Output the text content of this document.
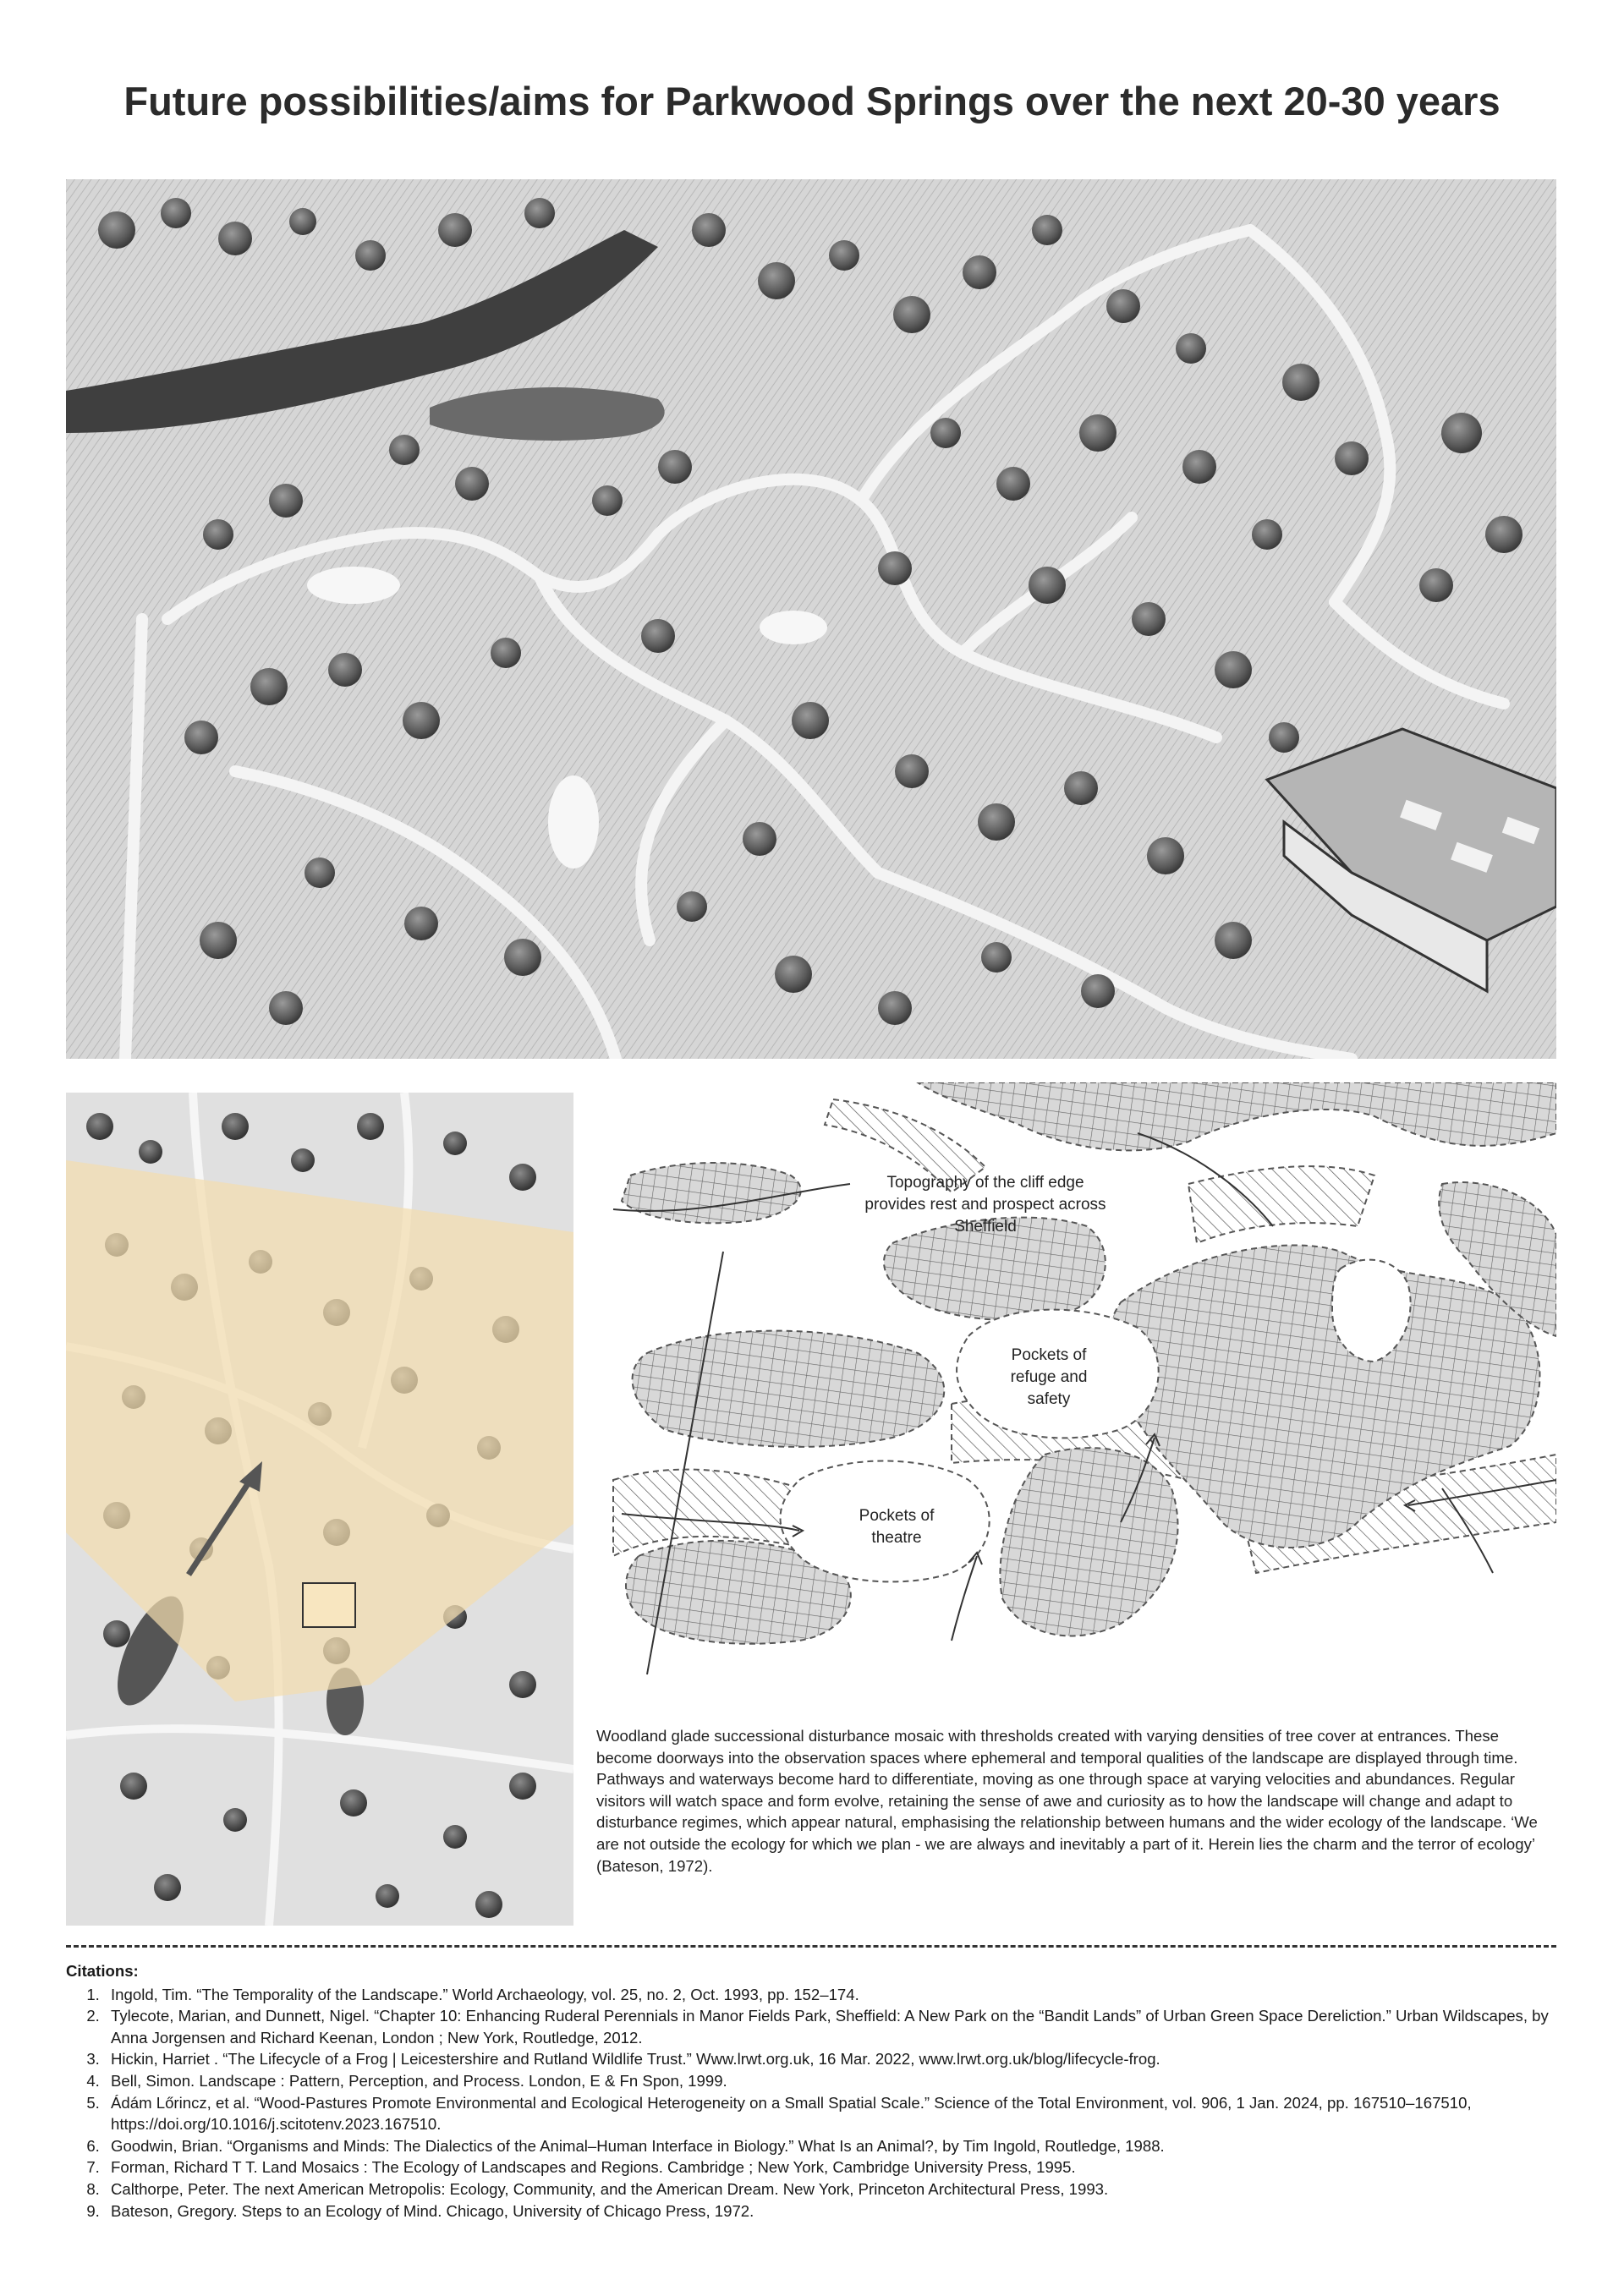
Future possibilities/aims for Parkwood Springs over the next 20-30 years
Topography of the cliff edge provides rest and prospect across Sheffield
Pockets of refuge and safety
Pockets of theatre

Woodland glade successional disturbance mosaic with thresholds created with varying densities of tree cover at entrances. These become doorways into the observation spaces where ephemeral and temporal qualities of the landscape are displayed through time.

Pathways and waterways become hard to differentiate, moving as one through space at varying velocities and abundances. Regular visitors will watch space and form evolve, retaining the sense of awe and curiosity as to how the landscape will change and adapt to disturbance regimes, which appear natural, emphasising the relationship between humans and the wider ecology of the landscape. ‘We are not outside the ecology for which we plan - we are always and inevitably a part of it. Herein lies the charm and the terror of ecology’ (Bateson, 1972).

Citations:
1. Ingold, Tim. “The Temporality of the Landscape.” World Archaeology, vol. 25, no. 2, Oct. 1993, pp. 152–174.
2. Tylecote, Marian, and Dunnett, Nigel. “Chapter 10: Enhancing Ruderal Perennials in Manor Fields Park, Sheffield: A New Park on the “Bandit Lands” of Urban Green Space Dereliction.” Urban Wildscapes, by Anna Jorgensen and Richard Keenan, London ; New York, Routledge, 2012.
3. Hickin, Harriet . “The Lifecycle of a Frog | Leicestershire and Rutland Wildlife Trust.” Www.lrwt.org.uk, 16 Mar. 2022, www.lrwt.org.uk/blog/lifecycle-frog.
4. Bell, Simon. Landscape : Pattern, Perception, and Process. London, E & Fn Spon, 1999.
5. Ádám Lőrincz, et al. “Wood-Pastures Promote Environmental and Ecological Heterogeneity on a Small Spatial Scale.” Science of the Total Environment, vol. 906, 1 Jan. 2024, pp. 167510–167510, https://doi.org/10.1016/j.scitotenv.2023.167510.
6. Goodwin, Brian. “Organisms and Minds: The Dialectics of the Animal–Human Interface in Biology.” What Is an Animal?, by Tim Ingold, Routledge, 1988.
7. Forman, Richard T T. Land Mosaics : The Ecology of Landscapes and Regions. Cambridge ; New York, Cambridge University Press, 1995.
8. Calthorpe, Peter. The next American Metropolis: Ecology, Community, and the American Dream. New York, Princeton Architectural Press, 1993.
9. Bateson, Gregory. Steps to an Ecology of Mind. Chicago, University of Chicago Press, 1972.
